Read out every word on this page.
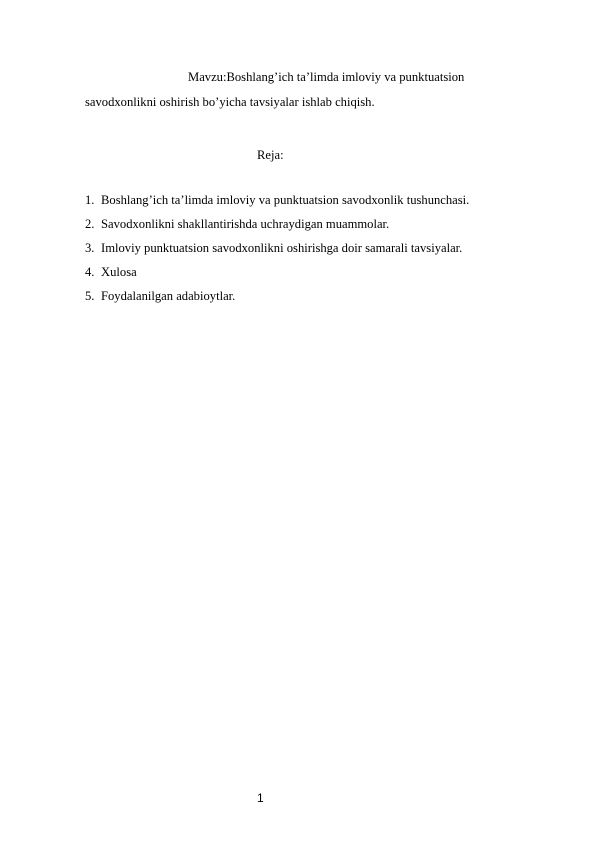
Mavzu:Boshlang’ich ta’limda imloviy va punktuatsion
savodxonlikni oshirish bo’yicha tavsiyalar ishlab chiqish.
Reja:
1. Boshlang’ich ta’limda imloviy va punktuatsion savodxonlik tushunchasi.
2. Savodxonlikni shakllantirishda uchraydigan muammolar.
3. Imloviy punktuatsion savodxonlikni oshirishga doir samarali tavsiyalar.
4. Xulosa
5. Foydalanilgan adabioytlar.
1
